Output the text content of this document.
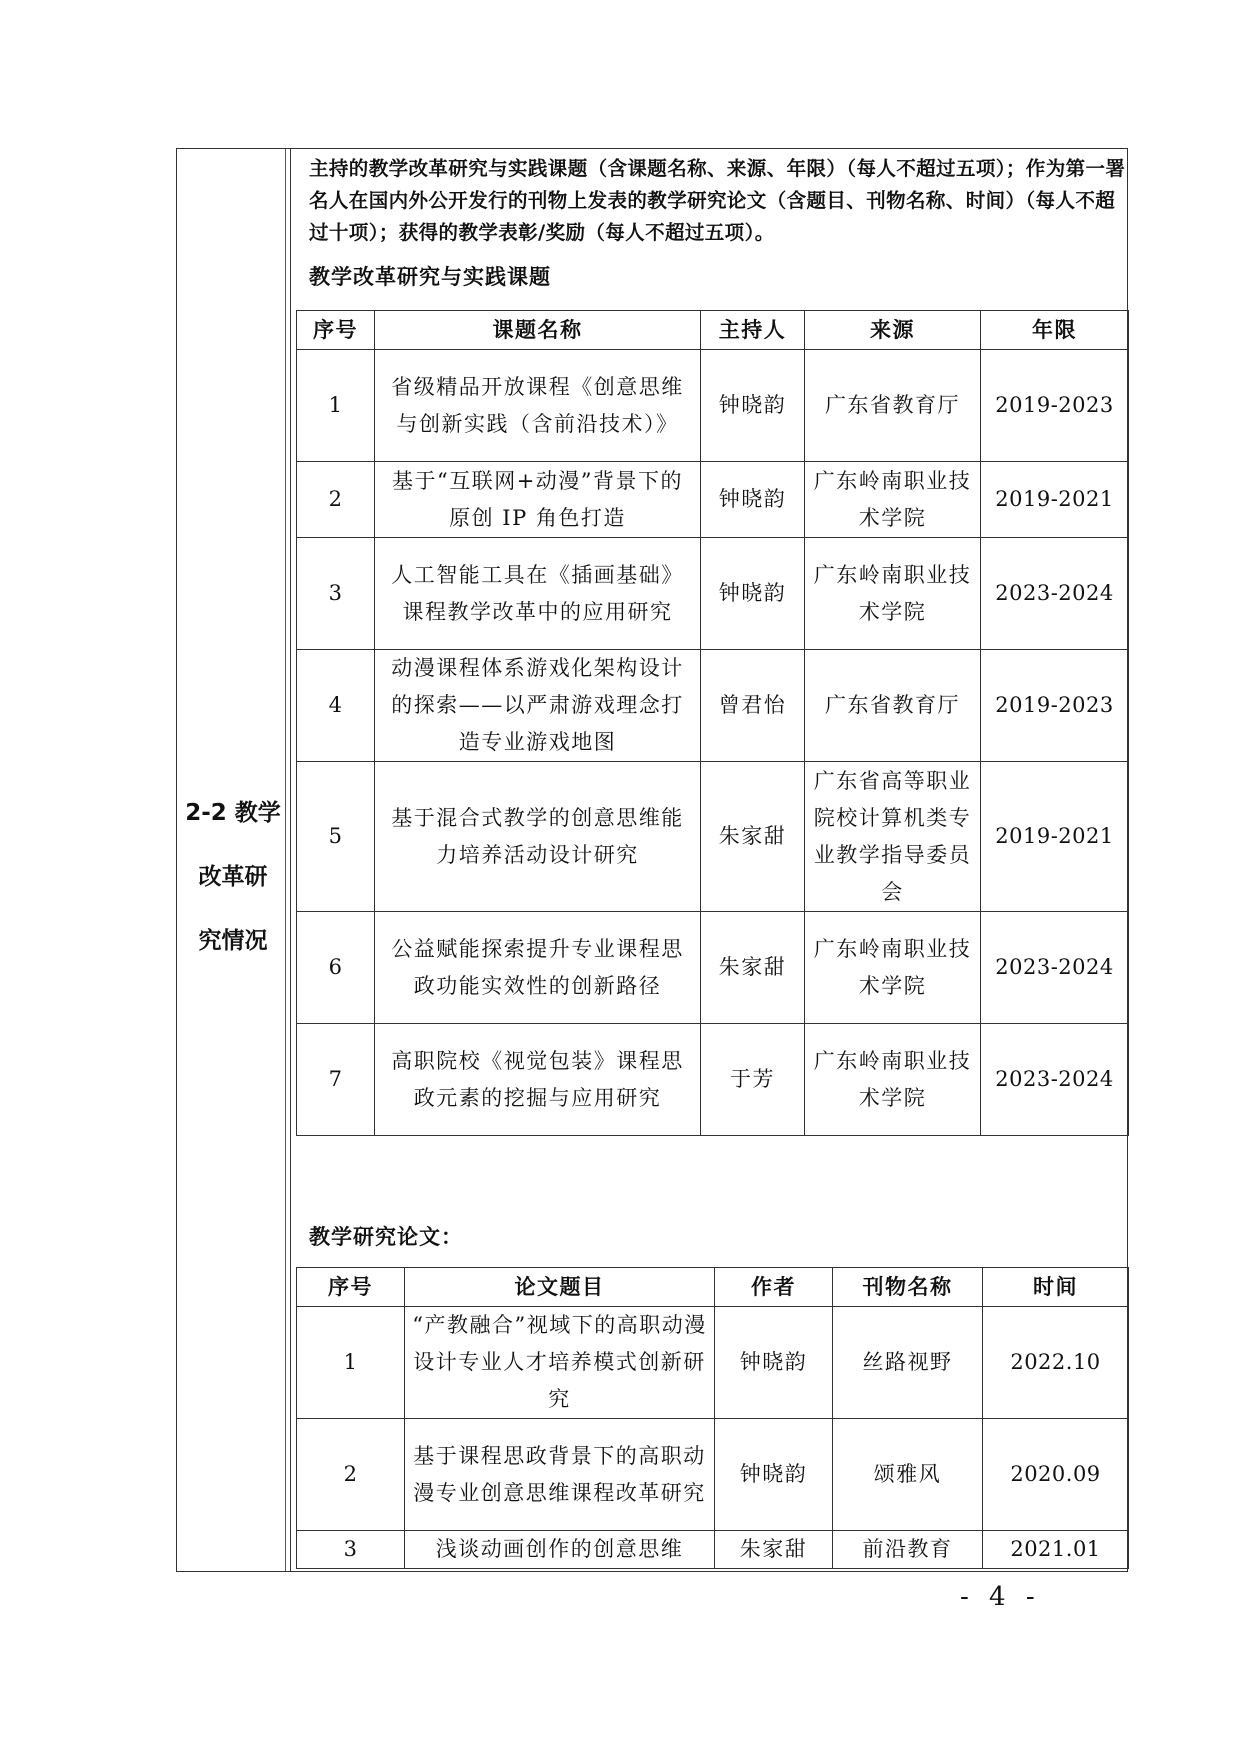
2-2 教学
改革研
究情况
主持的教学改革研究与实践课题（含课题名称、来源、年限）（每人不超过五项）；作为第一署名人在国内外公开发行的刊物上发表的教学研究论文（含题目、刊物名称、时间）（每人不超过十项）；获得的教学表彰/奖励（每人不超过五项）。
教学改革研究与实践课题
序号	课题名称	主持人	来源	年限
1	省级精品开放课程《创意思维与创新实践（含前沿技术）》	钟晓韵	广东省教育厅	2019-2023
2	基于“互联网+动漫”背景下的原创 IP 角色打造	钟晓韵	广东岭南职业技术学院	2019-2021
3	人工智能工具在《插画基础》课程教学改革中的应用研究	钟晓韵	广东岭南职业技术学院	2023-2024
4	动漫课程体系游戏化架构设计的探索——以严肃游戏理念打造专业游戏地图	曾君怡	广东省教育厅	2019-2023
5	基于混合式教学的创意思维能力培养活动设计研究	朱家甜	广东省高等职业院校计算机类专业教学指导委员会	2019-2021
6	公益赋能探索提升专业课程思政功能实效性的创新路径	朱家甜	广东岭南职业技术学院	2023-2024
7	高职院校《视觉包装》课程思政元素的挖掘与应用研究	于芳	广东岭南职业技术学院	2023-2024
教学研究论文：
序号	论文题目	作者	刊物名称	时间
1	“产教融合”视域下的高职动漫设计专业人才培养模式创新研究	钟晓韵	丝路视野	2022.10
2	基于课程思政背景下的高职动漫专业创意思维课程改革研究	钟晓韵	颂雅风	2020.09
3	浅谈动画创作的创意思维	朱家甜	前沿教育	2021.01
- 4 -
